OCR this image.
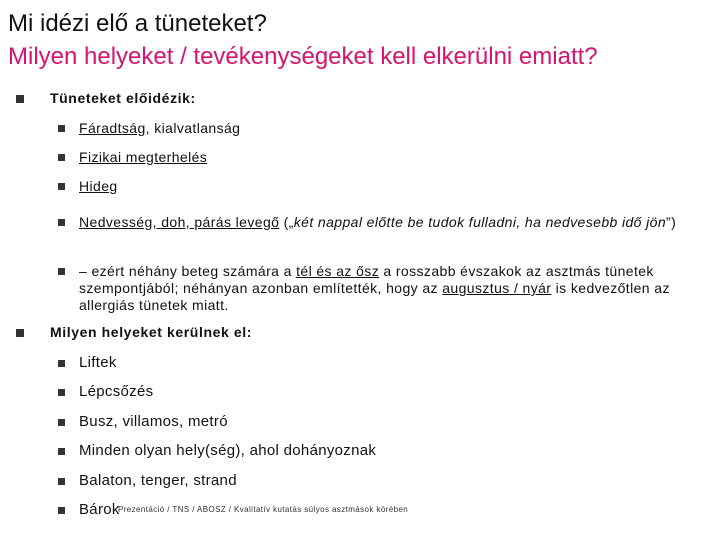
Mi idézi elő a tüneteket?
Milyen helyeket / tevékenységeket kell elkerülni emiatt?
Tüneteket előidézik:
Fáradtság, kialvatlanság
Fizikai megterhelés
Hideg
Nedvesség, doh, párás levegő („két nappal előtte be tudok fulladni, ha nedvesebb idő jön”)
– ezért néhány beteg számára a tél és az ősz a rosszabb évszakok az asztmás tünetek szempontjából; néhányan azonban említették, hogy az augusztus / nyár is kedvezőtlen az allergiás tünetek miatt.
Milyen helyeket kerülnek el:
Liftek
Lépcsőzés
Busz, villamos, metró
Minden olyan hely(ség), ahol dohányoznak
Balaton, tenger, strand
Bárok
Prezentáció / TNS / ABOSZ / Kvalitatív kutatás súlyos asztmások körében
